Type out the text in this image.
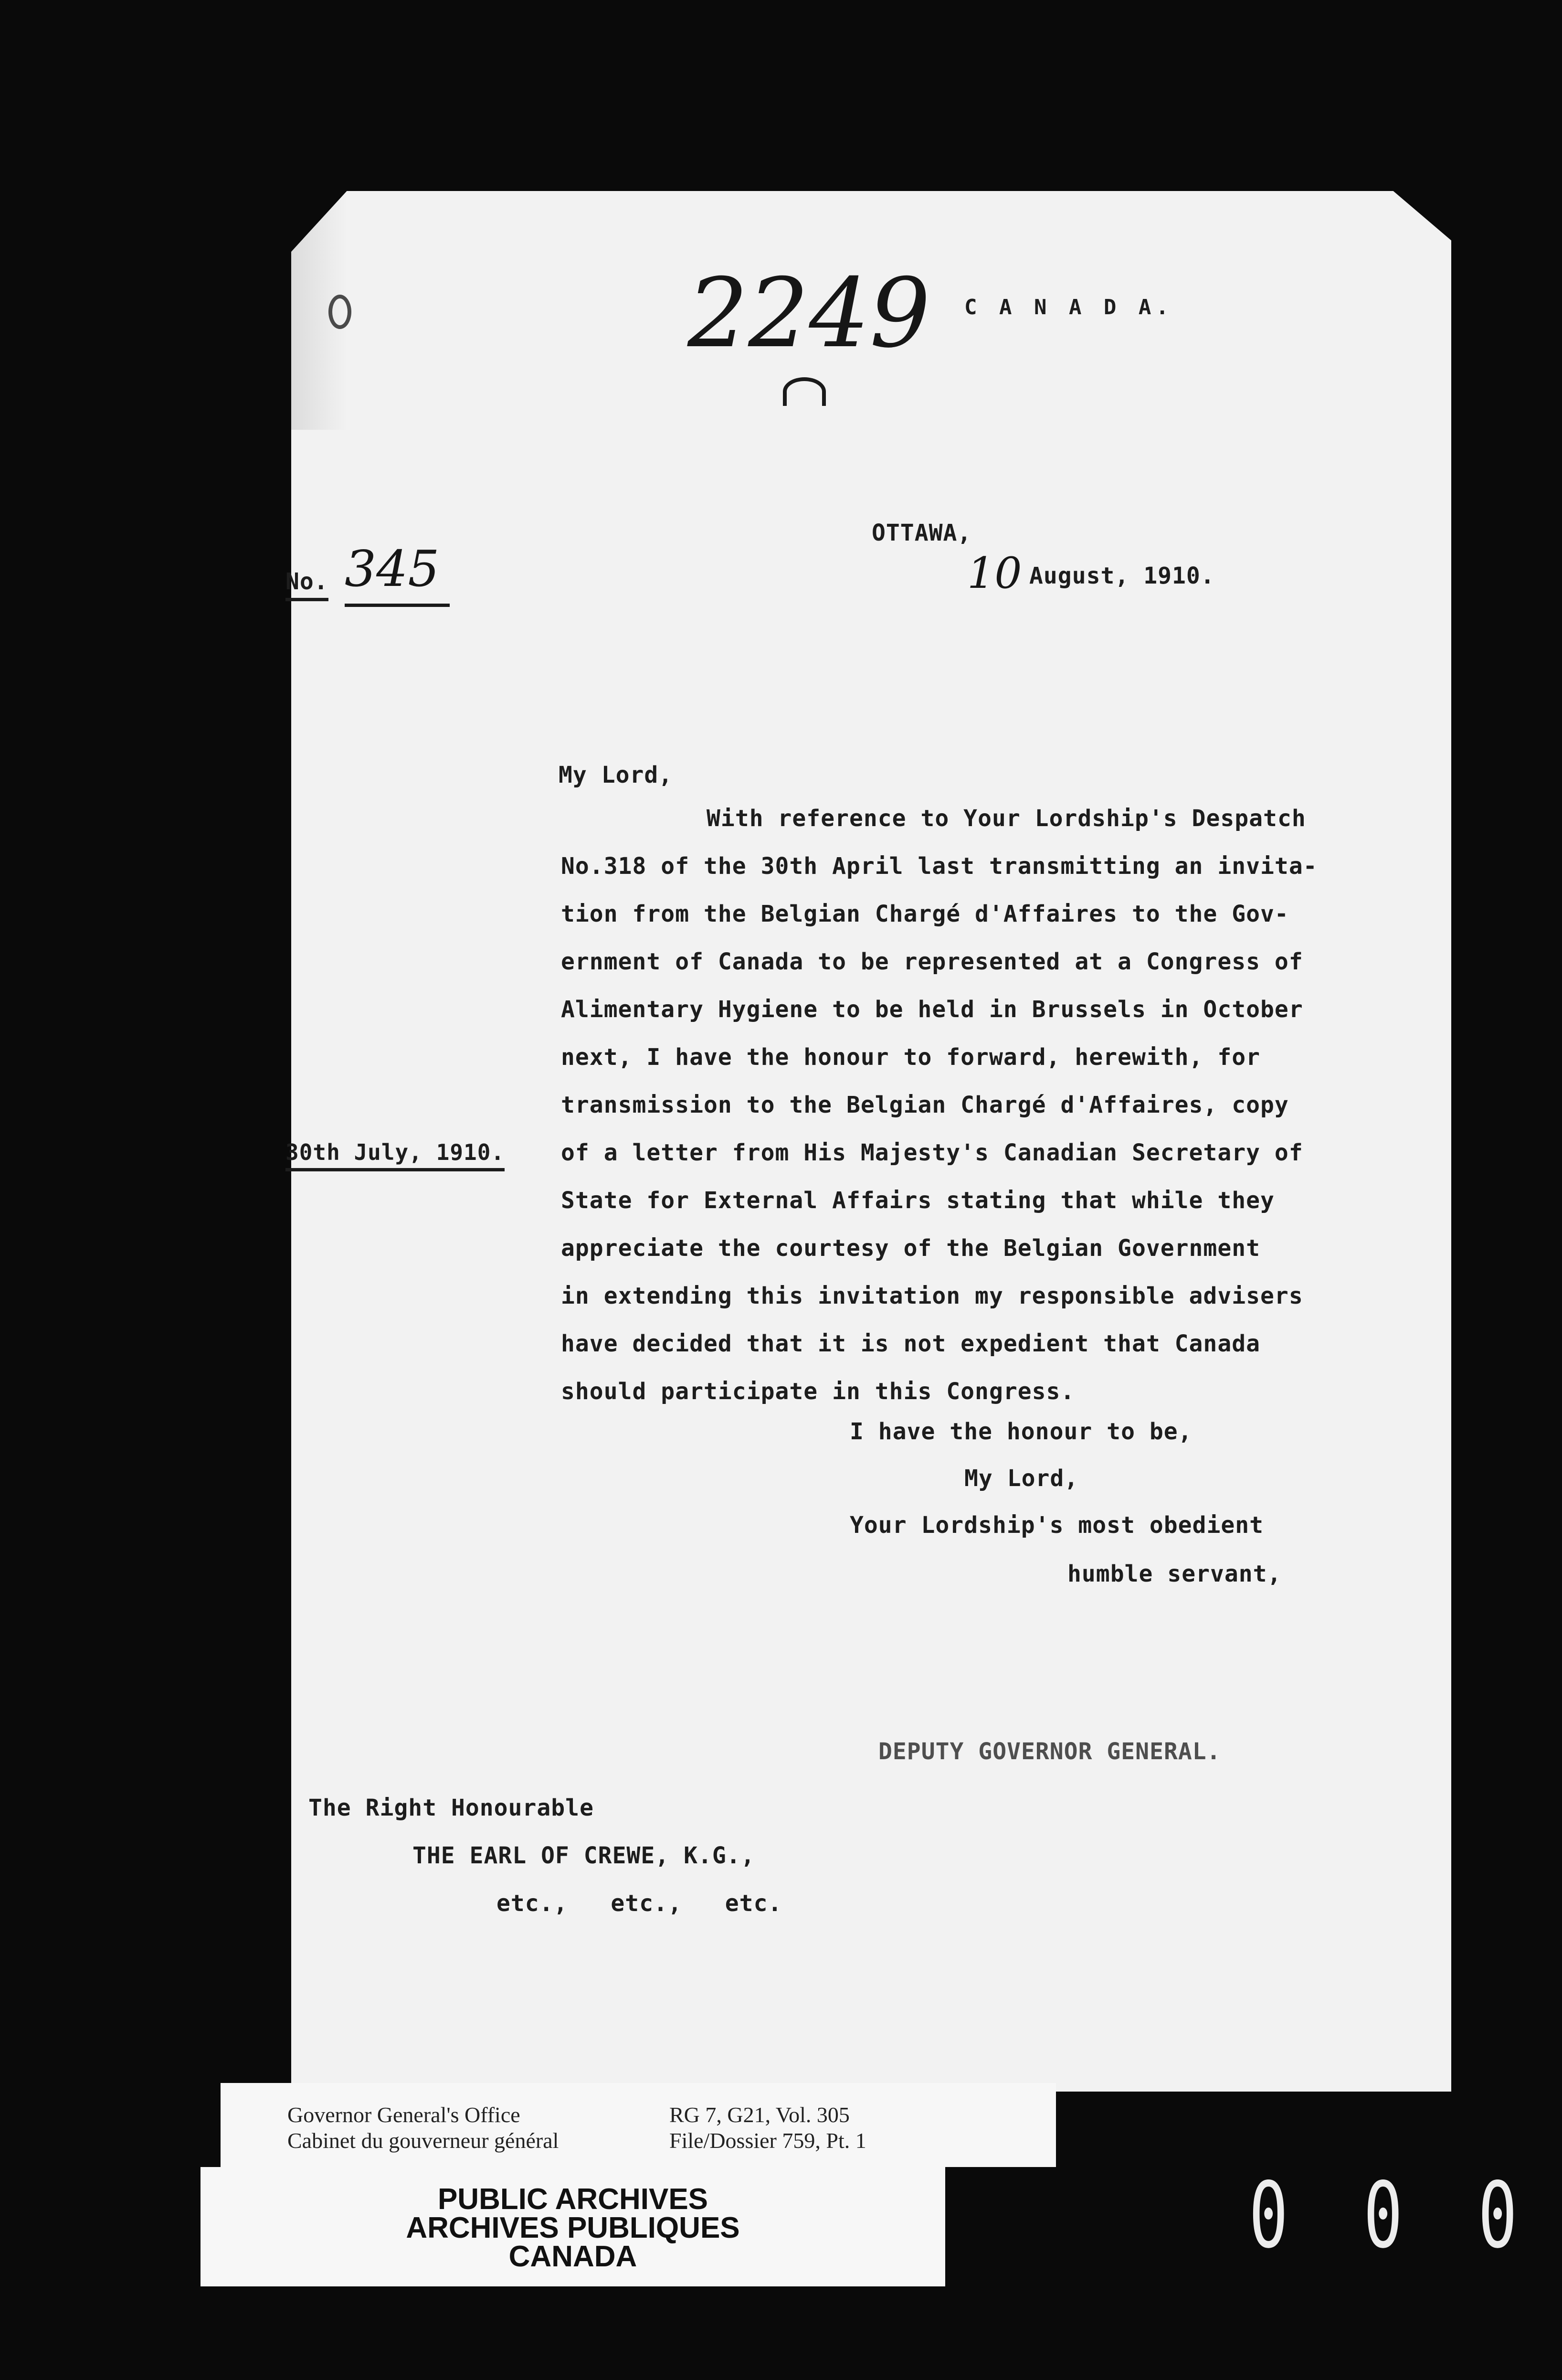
2249 C A N A D A.
OTTAWA,
10 August, 1910.
No. 345
My Lord,
With reference to Your Lordship's Despatch
No.318 of the 30th April last transmitting an invita-
tion from the Belgian Chargé d'Affaires to the Gov-
ernment of Canada to be represented at a Congress of
Alimentary Hygiene to be held in Brussels in October
next, I have the honour to forward, herewith, for
transmission to the Belgian Chargé d'Affaires, copy
of a letter from His Majesty's Canadian Secretary of
State for External Affairs stating that while they
appreciate the courtesy of the Belgian Government
in extending this invitation my responsible advisers
have decided that it is not expedient that Canada
should participate in this Congress.
30th July, 1910.
I have the honour to be,
My Lord,
Your Lordship's most obedient
humble servant,
DEPUTY GOVERNOR GENERAL.
The Right Honourable
THE EARL OF CREWE, K.G.,
etc., etc., etc.
Governor General's Office
Cabinet du gouverneur général
RG 7, G21, Vol. 305
File/Dossier 759, Pt. 1
PUBLIC ARCHIVES
ARCHIVES PUBLIQUES
CANADA	0 0 0
